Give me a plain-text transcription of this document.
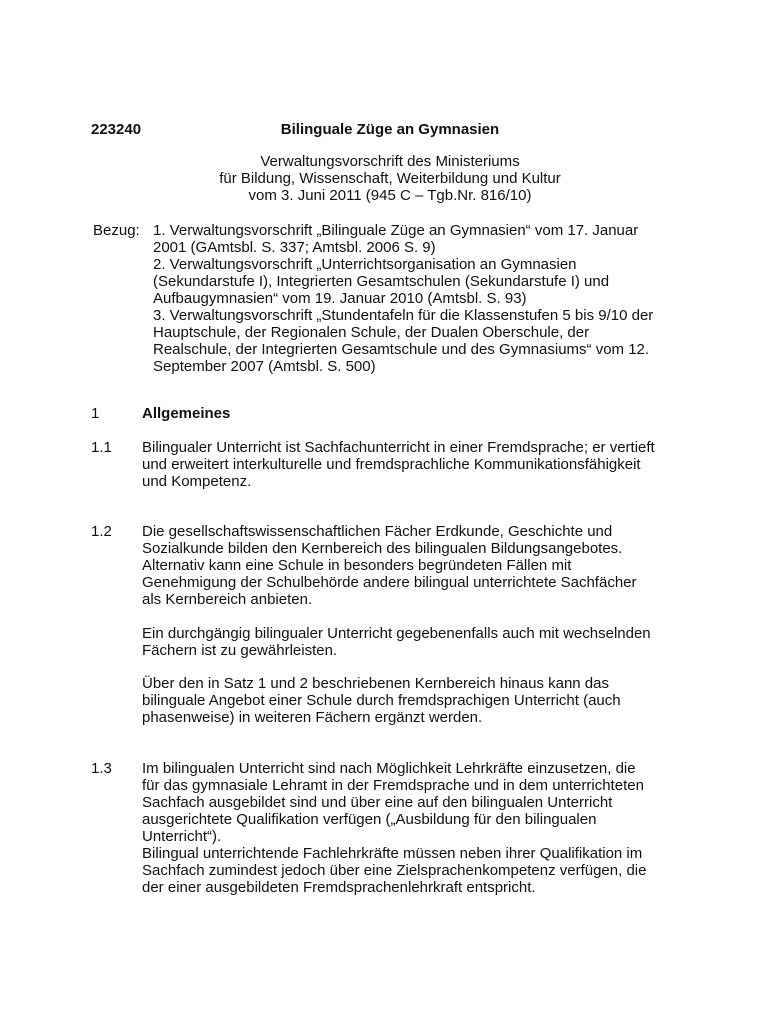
223240	Bilinguale Züge an Gymnasien
Verwaltungsvorschrift des Ministeriums
für Bildung, Wissenschaft, Weiterbildung und Kultur
vom 3. Juni 2011 (945 C – Tgb.Nr. 816/10)
Bezug: 1. Verwaltungsvorschrift „Bilinguale Züge an Gymnasien“ vom 17. Januar
2001 (GAmtsbl. S. 337; Amtsbl. 2006 S. 9)
2. Verwaltungsvorschrift „Unterrichtsorganisation an Gymnasien
(Sekundarstufe I), Integrierten Gesamtschulen (Sekundarstufe I) und
Aufbaugymnasien“ vom 19. Januar 2010 (Amtsbl. S. 93)
3. Verwaltungsvorschrift „Stundentafeln für die Klassenstufen 5 bis 9/10 der
Hauptschule, der Regionalen Schule, der Dualen Oberschule, der
Realschule, der Integrierten Gesamtschule und des Gymnasiums“ vom 12.
September 2007 (Amtsbl. S. 500)
1	Allgemeines
1.1 Bilingualer Unterricht ist Sachfachunterricht in einer Fremdsprache; er vertieft
und erweitert interkulturelle und fremdsprachliche Kommunikationsfähigkeit
und Kompetenz.
1.2 Die gesellschaftswissenschaftlichen Fächer Erdkunde, Geschichte und
Sozialkunde bilden den Kernbereich des bilingualen Bildungsangebotes.
Alternativ kann eine Schule in besonders begründeten Fällen mit
Genehmigung der Schulbehörde andere bilingual unterrichtete Sachfächer
als Kernbereich anbieten.
Ein durchgängig bilingualer Unterricht gegebenenfalls auch mit wechselnden
Fächern ist zu gewährleisten.
Über den in Satz 1 und 2 beschriebenen Kernbereich hinaus kann das
bilinguale Angebot einer Schule durch fremdsprachigen Unterricht (auch
phasenweise) in weiteren Fächern ergänzt werden.
1.3 Im bilingualen Unterricht sind nach Möglichkeit Lehrkräfte einzusetzen, die
für das gymnasiale Lehramt in der Fremdsprache und in dem unterrichteten
Sachfach ausgebildet sind und über eine auf den bilingualen Unterricht
ausgerichtete Qualifikation verfügen („Ausbildung für den bilingualen
Unterricht“).
Bilingual unterrichtende Fachlehrkräfte müssen neben ihrer Qualifikation im
Sachfach zumindest jedoch über eine Zielsprachenkompetenz verfügen, die
der einer ausgebildeten Fremdsprachenlehrkraft entspricht.
